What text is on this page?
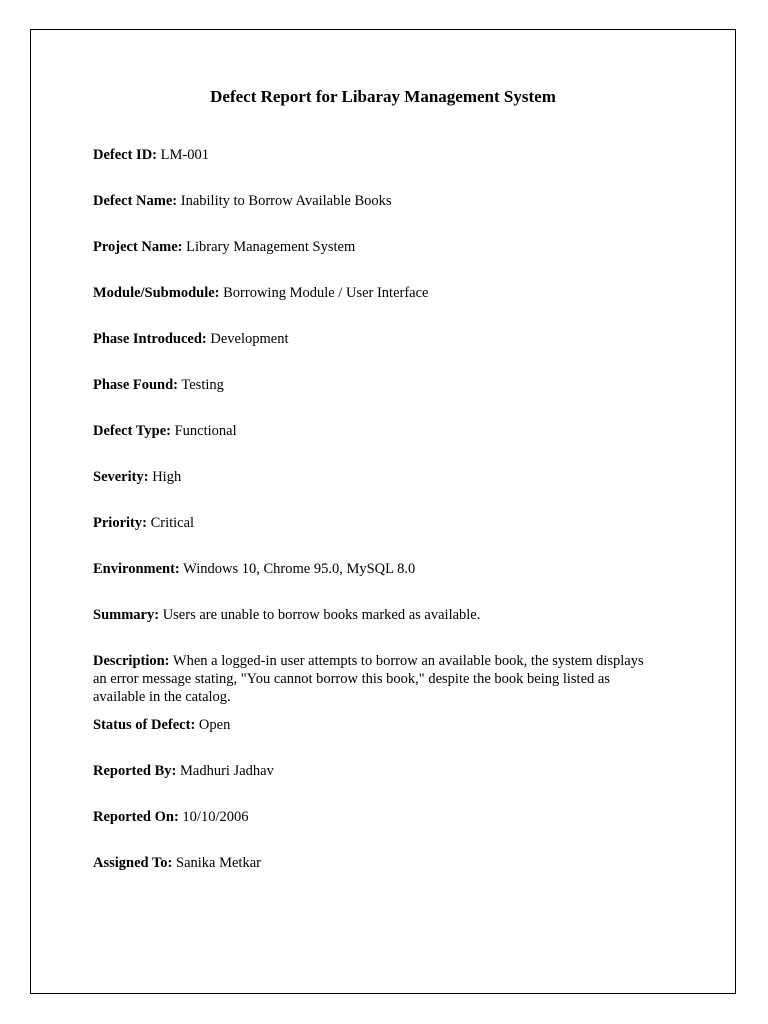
Defect Report for Libaray Management System
Defect ID: LM-001
Defect Name: Inability to Borrow Available Books
Project Name: Library Management System
Module/Submodule: Borrowing Module / User Interface
Phase Introduced: Development
Phase Found: Testing
Defect Type: Functional
Severity: High
Priority: Critical
Environment: Windows 10, Chrome 95.0, MySQL 8.0
Summary: Users are unable to borrow books marked as available.
Description: When a logged-in user attempts to borrow an available book, the system displays an error message stating, "You cannot borrow this book," despite the book being listed as available in the catalog.
Status of Defect: Open
Reported By: Madhuri Jadhav
Reported On: 10/10/2006
Assigned To: Sanika Metkar
